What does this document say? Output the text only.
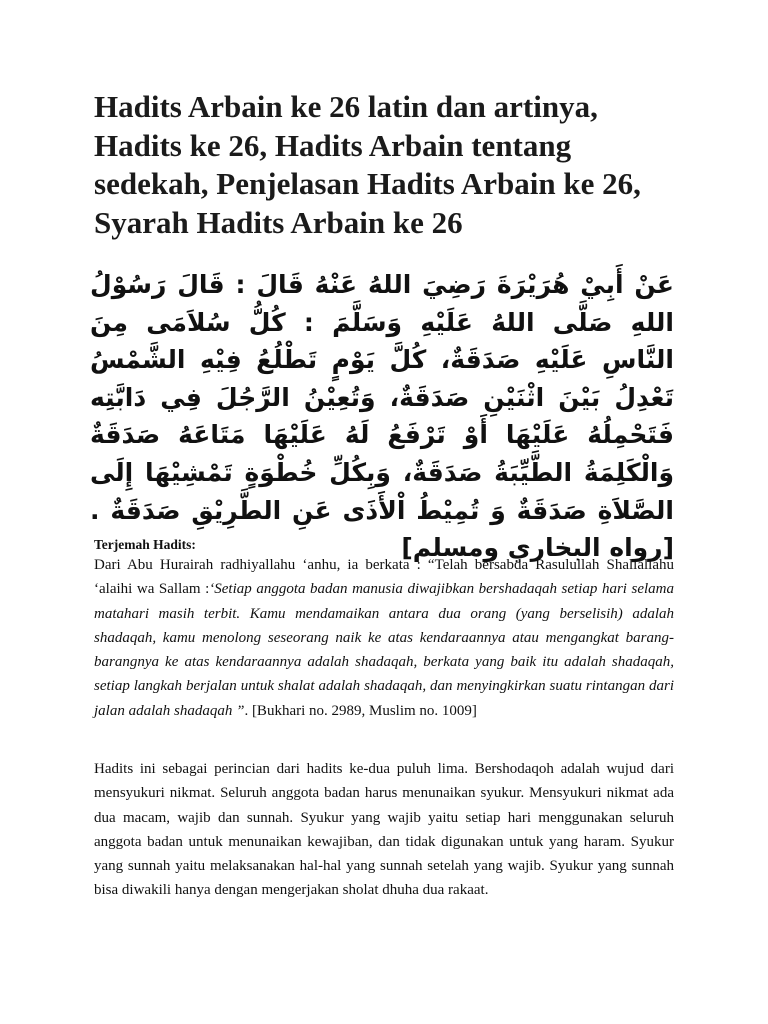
Hadits Arbain ke 26 latin dan artinya, Hadits ke 26, Hadits Arbain tentang sedekah, Penjelasan Hadits Arbain ke 26, Syarah Hadits Arbain ke 26
عَنْ أَبِيْ هُرَيْرَةَ رَضِيَ اللهُ عَنْهُ قَالَ : قَالَ رَسُوْلُ اللهِ صَلَّى اللهُ عَلَيْهِ وَسَلَّمَ : كُلُّ سُلاَمَى مِنَ النَّاسِ عَلَيْهِ صَدَقَةٌ، كُلَّ يَوْمٍ تَطْلُعُ فِيْهِ الشَّمْسُ تَعْدِلُ بَيْنَ اثْنَيْنِ صَدَقَةٌ، وَتُعِيْنُ الرَّجُلَ فِي دَابَّتِه فَتَحْمِلُهُ عَلَيْهَا أَوْ تَرْفَعُ لَهُ عَلَيْهَا مَتَاعَهُ صَدَقَةٌ وَالْكَلِمَةُ الطَّيِّبَةُ صَدَقَةٌ، وَبِكُلِّ خُطْوَةٍ تَمْشِيْهَا إِلَى الصَّلاَةِ صَدَقَةٌ وَ تُمِيْطُ اْلأَذَى عَنِ الطَّرِيْقِ صَدَقَةٌ . [رواه البخاري ومسلم]
Terjemah Hadits:

Dari Abu Hurairah radhiyallahu ‘anhu, ia berkata : “Telah bersabda Rasulullah Shallallahu ‘alaihi wa Sallam :‘Setiap anggota badan manusia diwajibkan bershadaqah setiap hari selama matahari masih terbit. Kamu mendamaikan antara dua orang (yang berselisih) adalah shadaqah, kamu menolong seseorang naik ke atas kendaraannya atau mengangkat barang-barangnya ke atas kendaraannya adalah shadaqah, berkata yang baik itu adalah shadaqah, setiap langkah berjalan untuk shalat adalah shadaqah, dan menyingkirkan suatu rintangan dari jalan adalah shadaqah ”. [Bukhari no. 2989, Muslim no. 1009]

Hadits ini sebagai perincian dari hadits ke-dua puluh lima. Bershodaqoh adalah wujud dari mensyukuri nikmat. Seluruh anggota badan harus menunaikan syukur. Mensyukuri nikmat ada dua macam, wajib dan sunnah. Syukur yang wajib yaitu setiap hari menggunakan seluruh anggota badan untuk menunaikan kewajiban, dan tidak digunakan untuk yang haram. Syukur yang sunnah yaitu melaksanakan hal-hal yang sunnah setelah yang wajib. Syukur yang sunnah bisa diwakili hanya dengan mengerjakan sholat dhuha dua rakaat.
